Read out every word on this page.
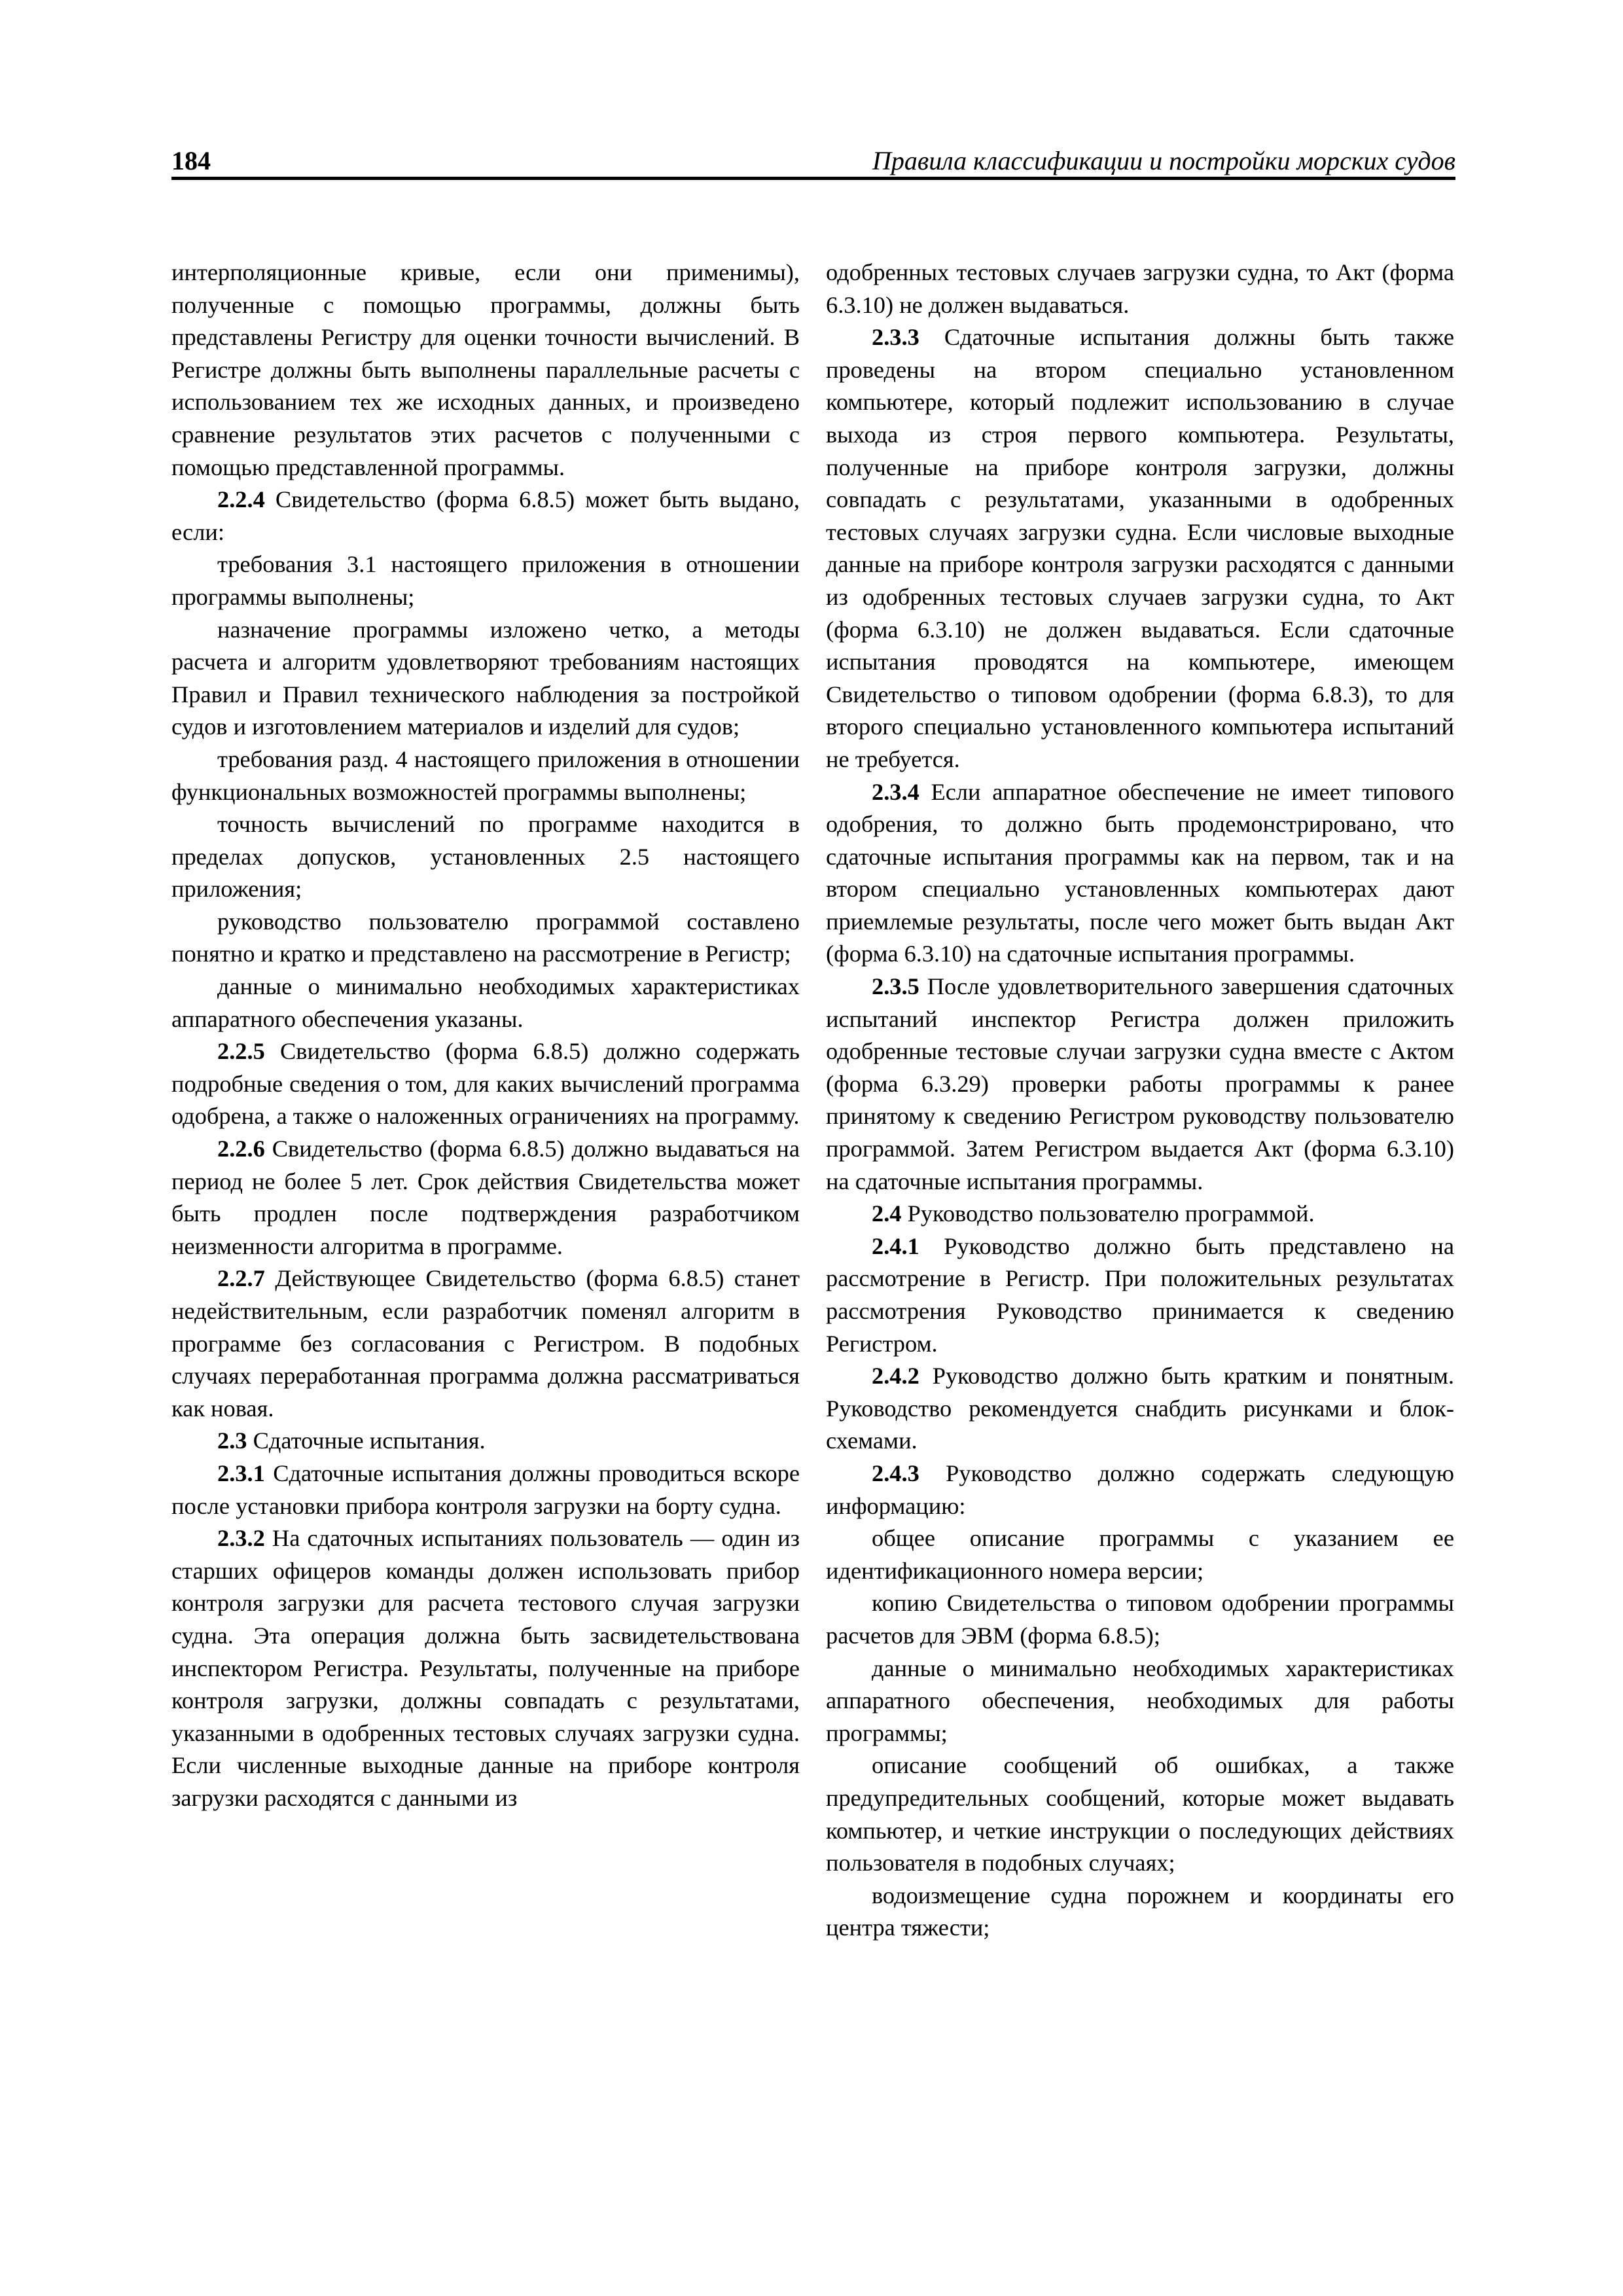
184	Правила классификации и постройки морских судов

интерполяционные кривые, если они применимы), полученные с помощью программы, должны быть представлены Регистру для оценки точности вычислений. В Регистре должны быть выполнены параллельные расчеты с использованием тех же исходных данных, и произведено сравнение результатов этих расчетов с полученными с помощью представленной программы.

2.2.4 Свидетельство (форма 6.8.5) может быть выдано, если:

требования 3.1 настоящего приложения в отношении программы выполнены;

назначение программы изложено четко, а методы расчета и алгоритм удовлетворяют требованиям настоящих Правил и Правил технического наблюдения за постройкой судов и изготовлением материалов и изделий для судов;

требования разд. 4 настоящего приложения в отношении функциональных возможностей программы выполнены;

точность вычислений по программе находится в пределах допусков, установленных 2.5 настоящего приложения;

руководство пользователю программой составлено понятно и кратко и представлено на рассмотрение в Регистр;

данные о минимально необходимых характеристиках аппаратного обеспечения указаны.

2.2.5 Свидетельство (форма 6.8.5) должно содержать подробные сведения о том, для каких вычислений программа одобрена, а также о наложенных ограничениях на программу.

2.2.6 Свидетельство (форма 6.8.5) должно выдаваться на период не более 5 лет. Срок действия Свидетельства может быть продлен после подтверждения разработчиком неизменности алгоритма в программе.

2.2.7 Действующее Свидетельство (форма 6.8.5) станет недействительным, если разработчик поменял алгоритм в программе без согласования с Регистром. В подобных случаях переработанная программа должна рассматриваться как новая.

2.3 Сдаточные испытания.

2.3.1 Сдаточные испытания должны проводиться вскоре после установки прибора контроля загрузки на борту судна.

2.3.2 На сдаточных испытаниях пользователь — один из старших офицеров команды должен использовать прибор контроля загрузки для расчета тестового случая загрузки судна. Эта операция должна быть засвидетельствована инспектором Регистра. Результаты, полученные на приборе контроля загрузки, должны совпадать с результатами, указанными в одобренных тестовых случаях загрузки судна. Если численные выходные данные на приборе контроля загрузки расходятся с данными из

одобренных тестовых случаев загрузки судна, то Акт (форма 6.3.10) не должен выдаваться.

2.3.3 Сдаточные испытания должны быть также проведены на втором специально установленном компьютере, который подлежит использованию в случае выхода из строя первого компьютера. Результаты, полученные на приборе контроля загрузки, должны совпадать с результатами, указанными в одобренных тестовых случаях загрузки судна. Если числовые выходные данные на приборе контроля загрузки расходятся с данными из одобренных тестовых случаев загрузки судна, то Акт (форма 6.3.10) не должен выдаваться. Если сдаточные испытания проводятся на компьютере, имеющем Свидетельство о типовом одобрении (форма 6.8.3), то для второго специально установленного компьютера испытаний не требуется.

2.3.4 Если аппаратное обеспечение не имеет типового одобрения, то должно быть продемонстрировано, что сдаточные испытания программы как на первом, так и на втором специально установленных компьютерах дают приемлемые результаты, после чего может быть выдан Акт (форма 6.3.10) на сдаточные испытания программы.

2.3.5 После удовлетворительного завершения сдаточных испытаний инспектор Регистра должен приложить одобренные тестовые случаи загрузки судна вместе с Актом (форма 6.3.29) проверки работы программы к ранее принятому к сведению Регистром руководству пользователю программой. Затем Регистром выдается Акт (форма 6.3.10) на сдаточные испытания программы.

2.4 Руководство пользователю программой.

2.4.1 Руководство должно быть представлено на рассмотрение в Регистр. При положительных результатах рассмотрения Руководство принимается к сведению Регистром.

2.4.2 Руководство должно быть кратким и понятным. Руководство рекомендуется снабдить рисунками и блок-схемами.

2.4.3 Руководство должно содержать следующую информацию:

общее описание программы с указанием ее идентификационного номера версии;

копию Свидетельства о типовом одобрении программы расчетов для ЭВМ (форма 6.8.5);

данные о минимально необходимых характеристиках аппаратного обеспечения, необходимых для работы программы;

описание сообщений об ошибках, а также предупредительных сообщений, которые может выдавать компьютер, и четкие инструкции о последующих действиях пользователя в подобных случаях;

водоизмещение судна порожнем и координаты его центра тяжести;
